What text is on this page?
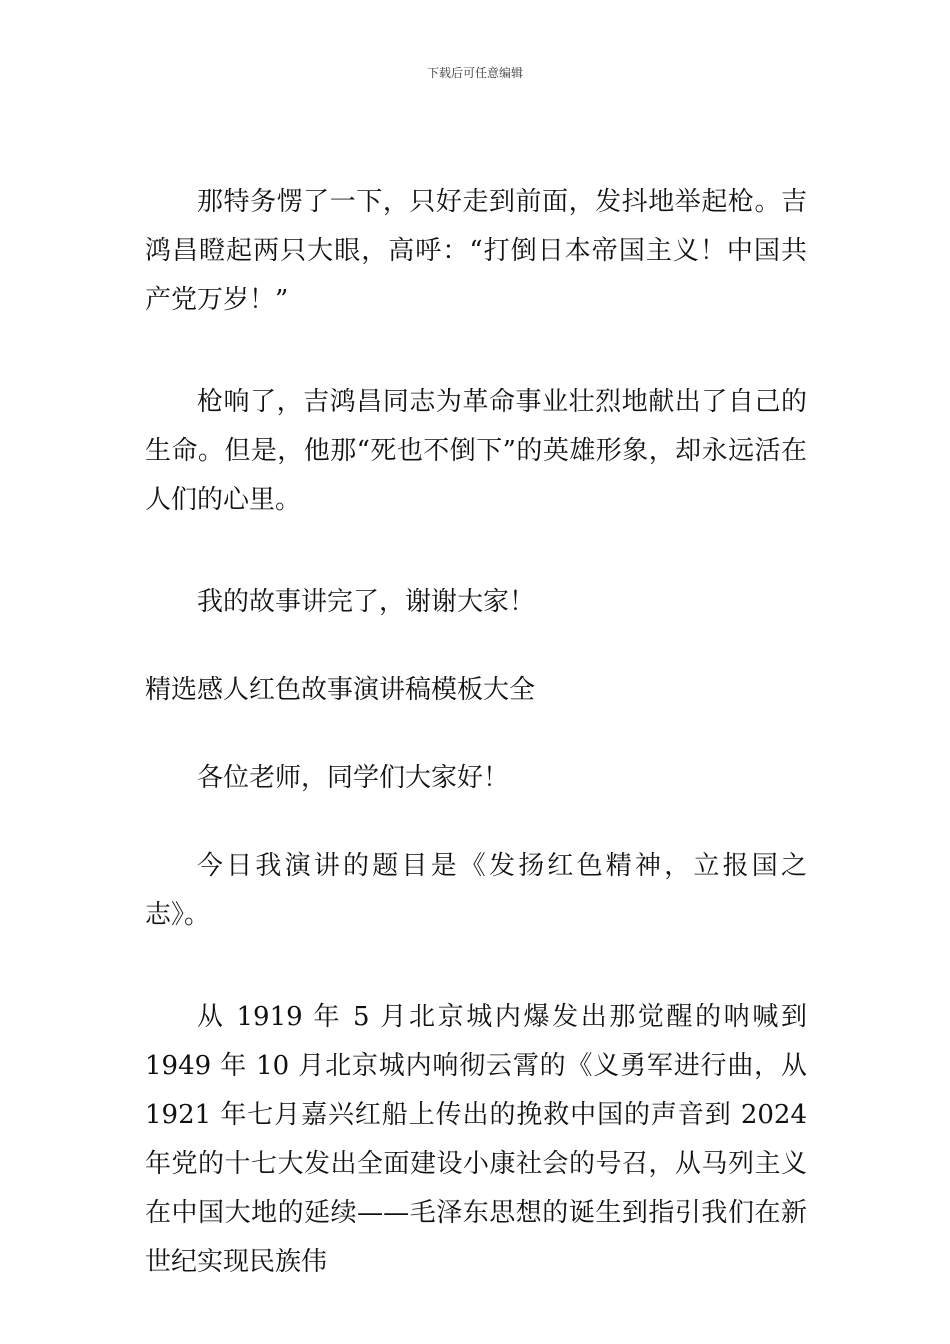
下载后可任意编辑

那特务愣了一下，只好走到前面，发抖地举起枪。吉鸿昌瞪起两只大眼，高呼：“打倒日本帝国主义！中国共产党万岁！”

枪响了，吉鸿昌同志为革命事业壮烈地献出了自己的生命。但是，他那“死也不倒下”的英雄形象，却永远活在人们的心里。

我的故事讲完了，谢谢大家！

精选感人红色故事演讲稿模板大全

各位老师，同学们大家好！

今日我演讲的题目是《发扬红色精神，立报国之志》。

从 1919 年 5 月北京城内爆发出那觉醒的呐喊到 1949 年 10 月北京城内响彻云霄的《义勇军进行曲，从 1921 年七月嘉兴红船上传出的挽救中国的声音到 2024 年党的十七大发出全面建设小康社会的号召，从马列主义在中国大地的延续——毛泽东思想的诞生到指引我们在新世纪实现民族伟
